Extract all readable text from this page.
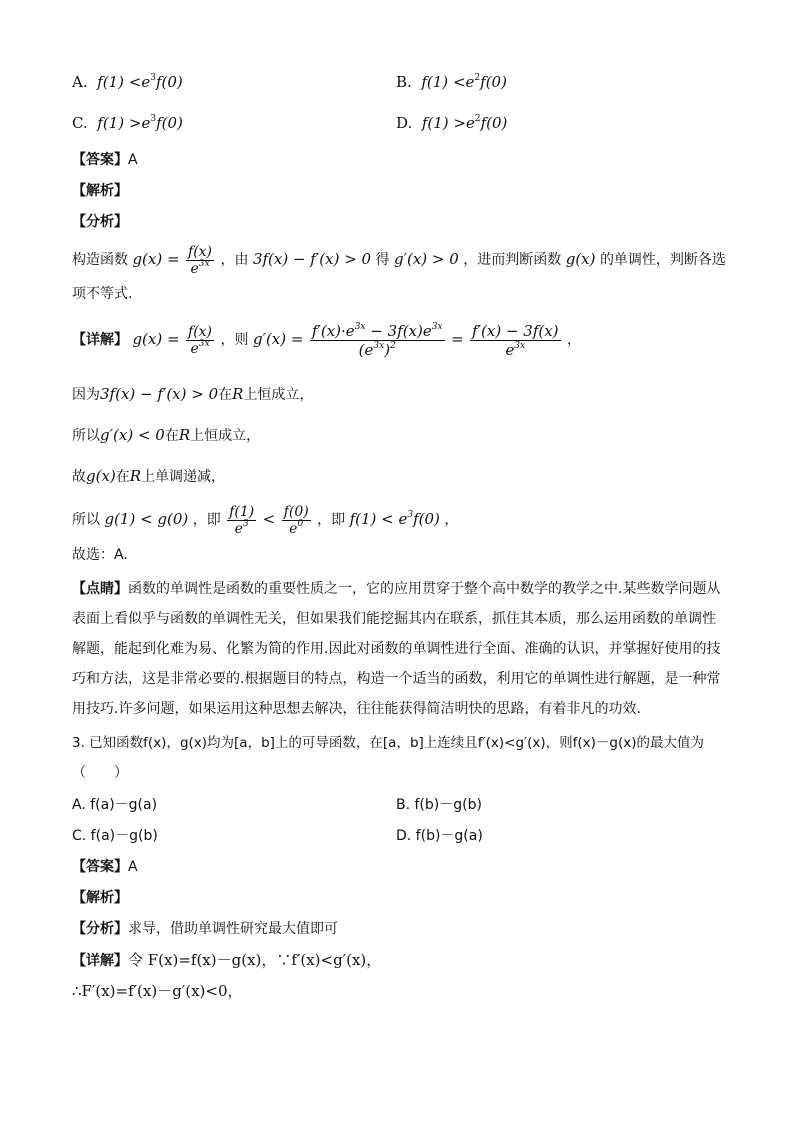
A. $f(1) <e^3f(0)$	B. $f(1) <e^2f(0)$
C. $f(1) >e^3f(0)$	D. $f(1) >e^2f(0)$
【答案】A
【解析】
【分析】
构造函数 $g(x) = \frac{f(x)}{e^{3x}}$ ，由 3f(x) − f′(x) > 0 得 g′(x) > 0 ，进而判断函数 g(x) 的单调性，判断各选
项不等式.
【详解】 $g(x) = \frac{f(x)}{e^{3x}}$ ，则 $g'(x) = \frac{f'(x)\cdot e^{3x} - 3f(x)e^{3x}}{(e^{3x})^2} = \frac{f'(x) - 3f(x)}{e^{3x}}$ ，
因为3f(x) − f′(x) > 0在R上恒成立，
所以g′(x) < 0在R上恒成立，
故g(x)在R上单调递减，
所以 g(1) < g(0) ，即 $\frac{f(1)}{e^3} < \frac{f(0)}{e^0}$ ，即 $f(1) < e^3f(0)$ ，
故选：A.
【点睛】函数的单调性是函数的重要性质之一，它的应用贯穿于整个高中数学的教学之中.某些数学问题从
表面上看似乎与函数的单调性无关，但如果我们能挖掘其内在联系，抓住其本质，那么运用函数的单调性
解题，能起到化难为易、化繁为简的作用.因此对函数的单调性进行全面、准确的认识，并掌握好使用的技
巧和方法，这是非常必要的.根据题目的特点，构造一个适当的函数，利用它的单调性进行解题，是一种常
用技巧.许多问题，如果运用这种思想去解决，往往能获得简洁明快的思路，有着非凡的功效.
3. 已知函数f(x)，g(x)均为[a，b]上的可导函数，在[a，b]上连续且f′(x)<g′(x)，则f(x)－g(x)的最大值为
（　　）
A. f(a)－g(a)	B. f(b)－g(b)
C. f(a)－g(b)	D. f(b)－g(a)
【答案】A
【解析】
【分析】求导，借助单调性研究最大值即可
【详解】令 F(x)=f(x)－g(x)，∵f′(x)<g′(x)，
∴F′(x)=f′(x)－g′(x)<0，
